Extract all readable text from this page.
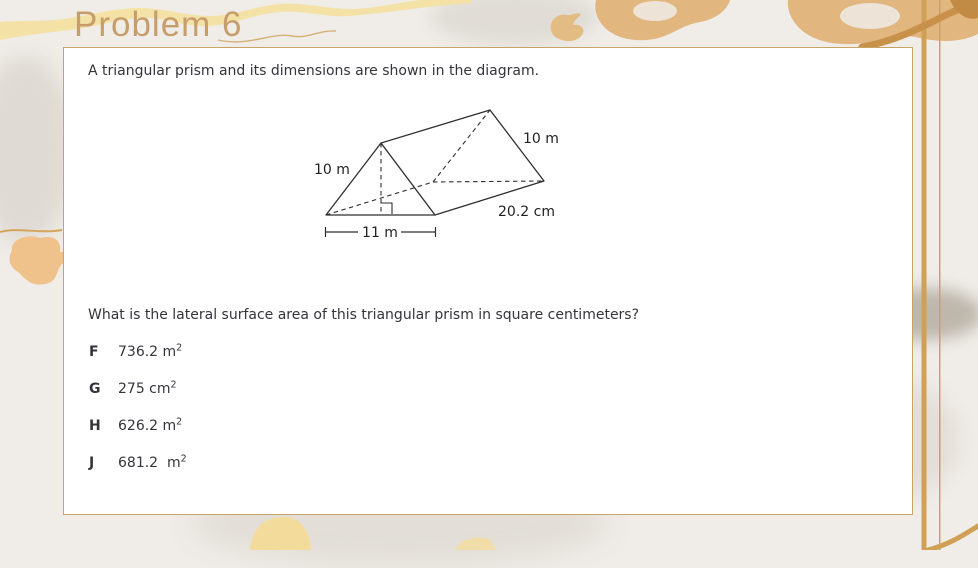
Problem 6
A triangular prism and its dimensions are shown in the diagram.
10 m
10 m
20.2 cm
11 m
What is the lateral surface area of this triangular prism in square centimeters?
F 736.2 $m^2$
G 275 $cm^2$
H 626.2 $m^2$
J 681.2  $m^2$
